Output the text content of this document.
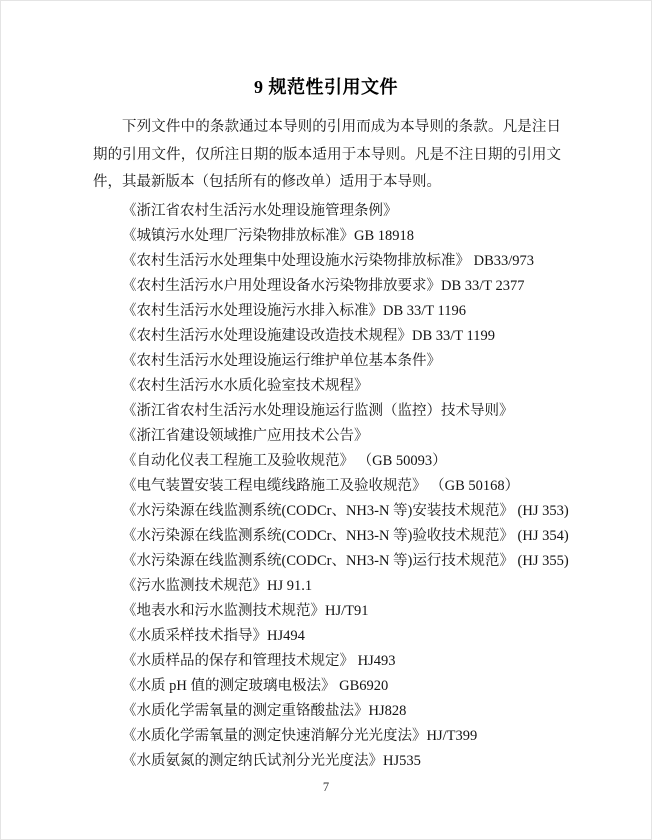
9 规范性引用文件

下列文件中的条款通过本导则的引用而成为本导则的条款。凡是注日期的引用文件，仅所注日期的版本适用于本导则。凡是不注日期的引用文件，其最新版本（包括所有的修改单）适用于本导则。

《浙江省农村生活污水处理设施管理条例》
《城镇污水处理厂污染物排放标准》GB 18918
《农村生活污水处理集中处理设施水污染物排放标准》 DB33/973
《农村生活污水户用处理设备水污染物排放要求》DB 33/T 2377
《农村生活污水处理设施污水排入标准》DB 33/T 1196
《农村生活污水处理设施建设改造技术规程》DB 33/T 1199
《农村生活污水处理设施运行维护单位基本条件》
《农村生活污水水质化验室技术规程》
《浙江省农村生活污水处理设施运行监测（监控）技术导则》
《浙江省建设领域推广应用技术公告》
《自动化仪表工程施工及验收规范》 （GB 50093）
《电气装置安装工程电缆线路施工及验收规范》 （GB 50168）
《水污染源在线监测系统(CODCr、NH3-N 等)安装技术规范》 (HJ 353)
《水污染源在线监测系统(CODCr、NH3-N 等)验收技术规范》 (HJ 354)
《水污染源在线监测系统(CODCr、NH3-N 等)运行技术规范》 (HJ 355)
《污水监测技术规范》HJ 91.1
《地表水和污水监测技术规范》HJ/T91
《水质采样技术指导》HJ494
《水质样品的保存和管理技术规定》 HJ493
《水质 pH 值的测定玻璃电极法》 GB6920
《水质化学需氧量的测定重铬酸盐法》HJ828
《水质化学需氧量的测定快速消解分光光度法》HJ/T399
《水质氨氮的测定纳氏试剂分光光度法》HJ535
7
